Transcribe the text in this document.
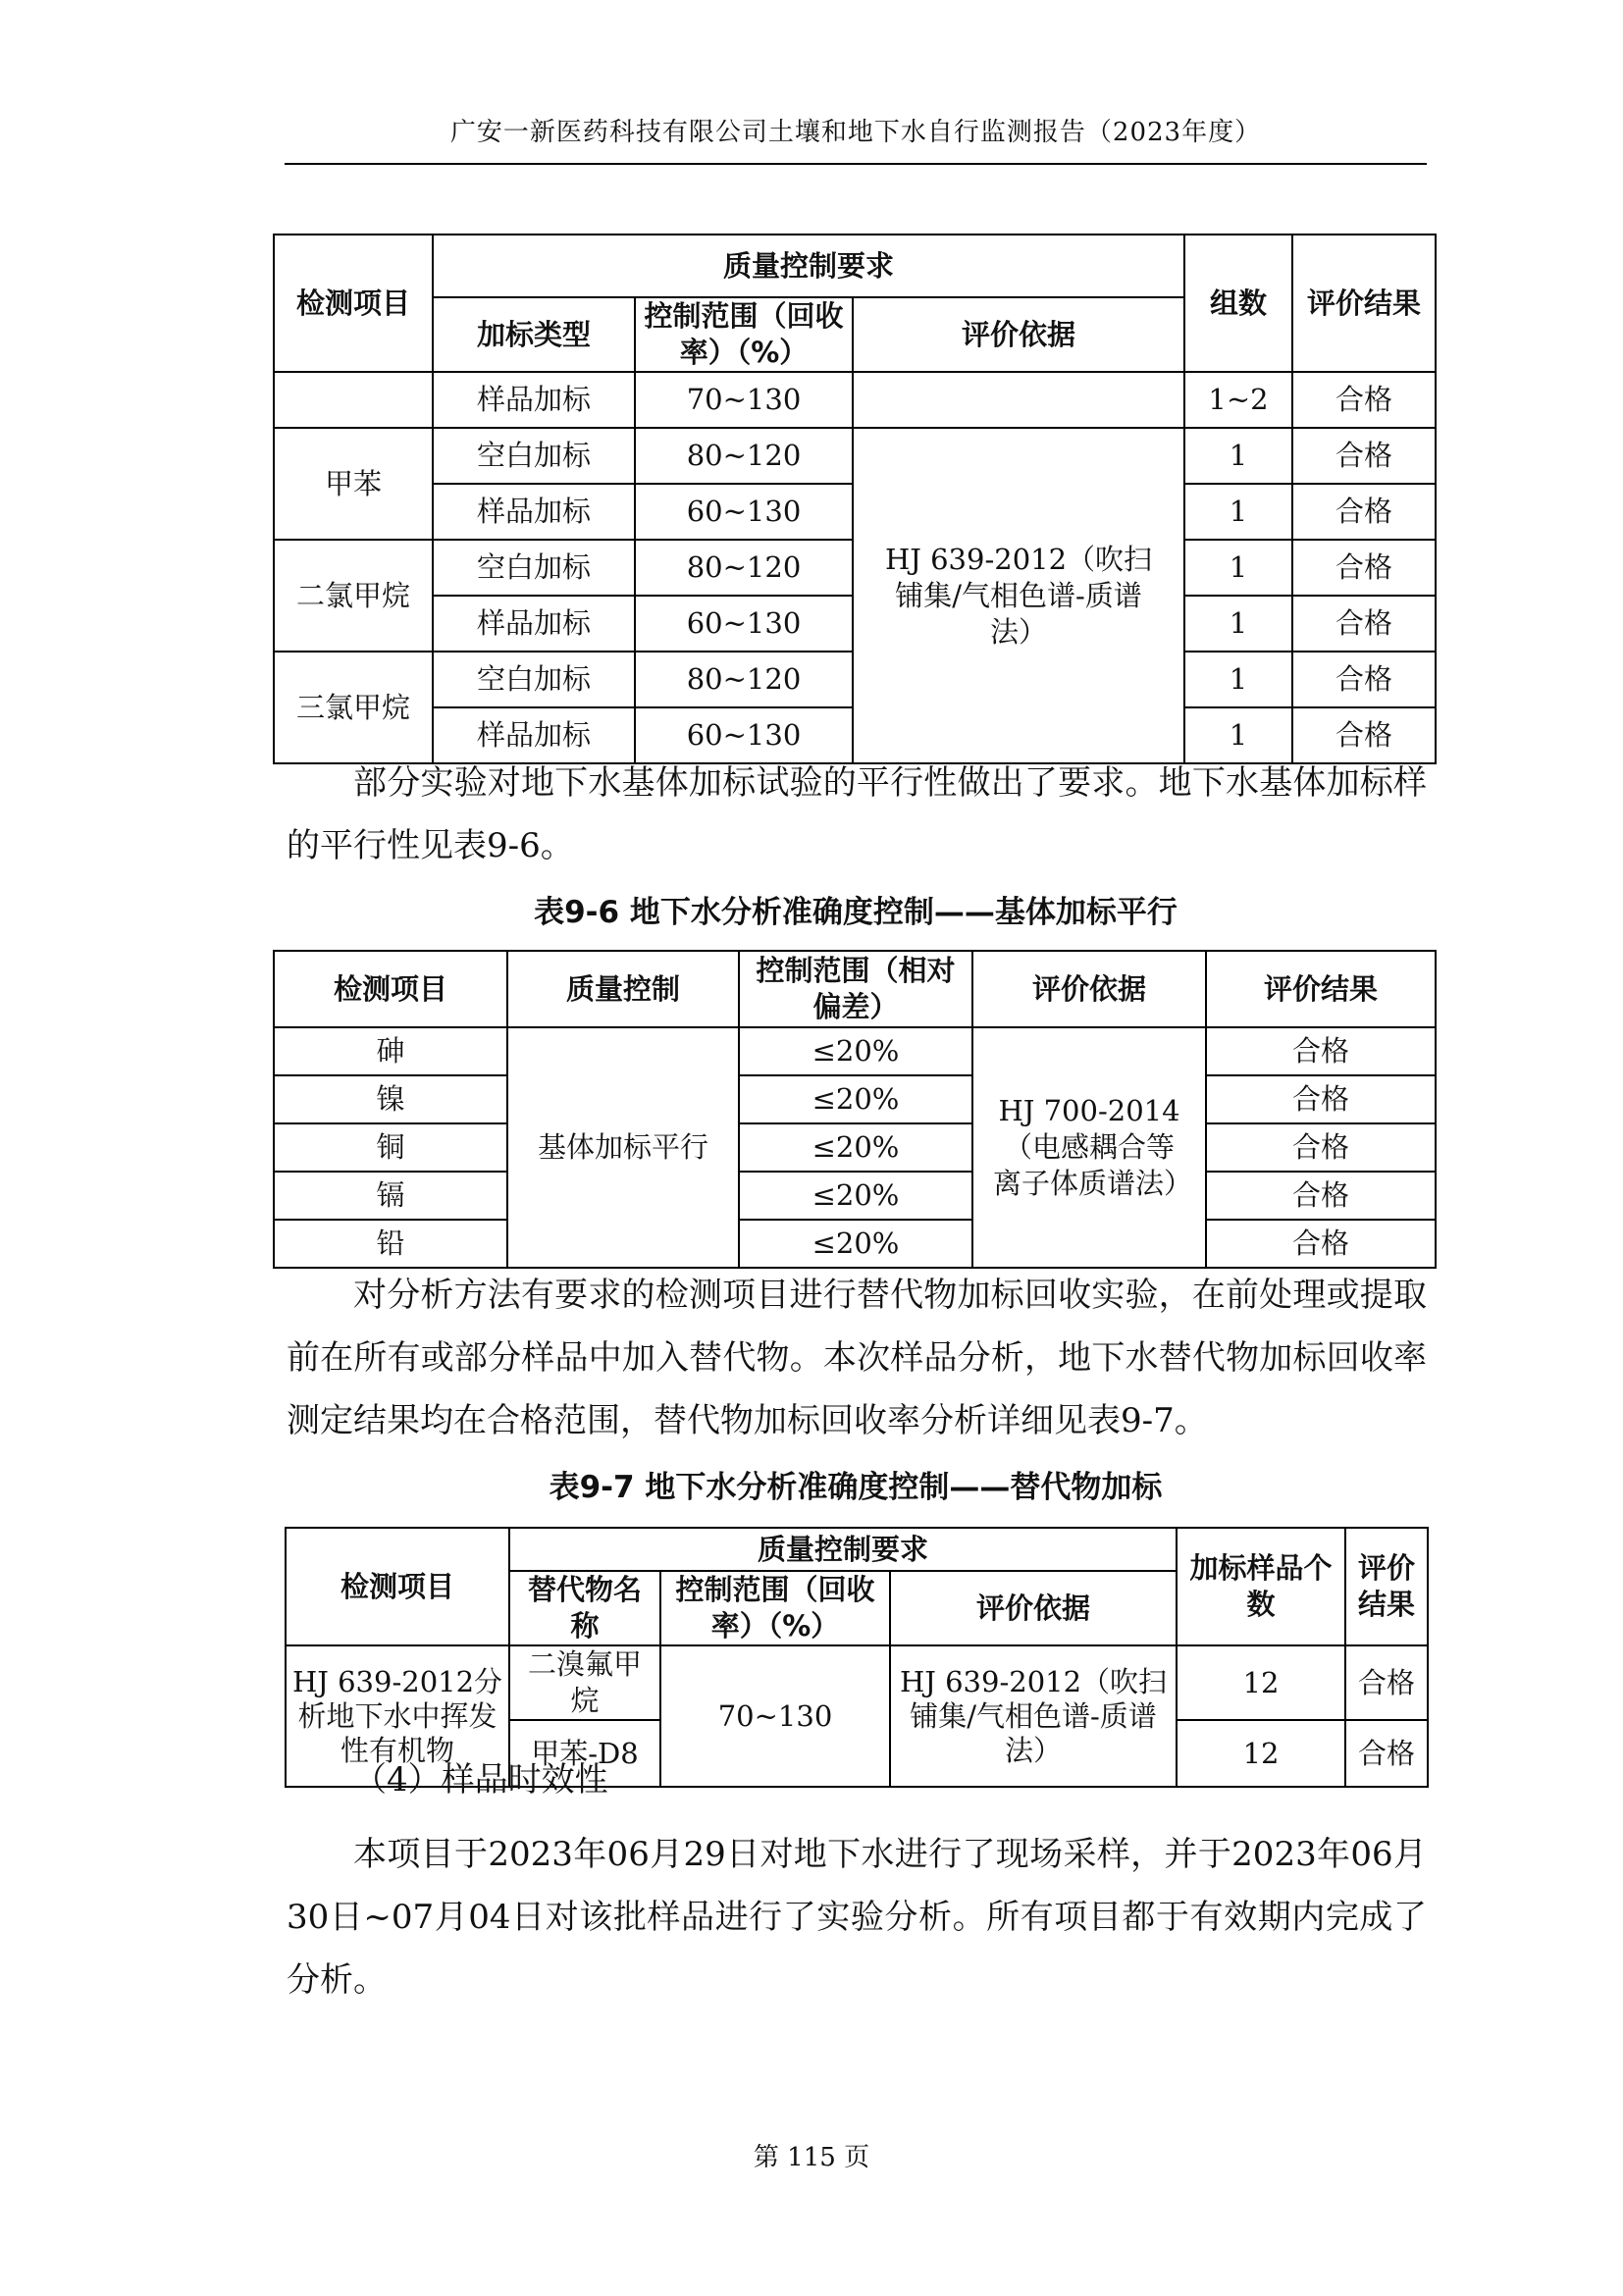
广安一新医药科技有限公司土壤和地下水自行监测报告（2023年度）
检测项目	质量控制要求			组数	评价结果
	加标类型	控制范围（回收率）（%）	评价依据		
	样品加标	70~130		1~2	合格
甲苯	空白加标	80~120	HJ 639-2012（吹扫铺集/气相色谱-质谱法）	1	合格
	样品加标	60~130		1	合格
二氯甲烷	空白加标	80~120		1	合格
	样品加标	60~130		1	合格
三氯甲烷	空白加标	80~120		1	合格
	样品加标	60~130		1	合格

部分实验对地下水基体加标试验的平行性做出了要求。地下水基体加标样的平行性见表9-6。

表9-6 地下水分析准确度控制——基体加标平行
检测项目	质量控制	控制范围（相对偏差）	评价依据	评价结果
砷	基体加标平行	≤20%	HJ 700-2014（电感耦合等离子体质谱法）	合格
镍		≤20%		合格
铜		≤20%		合格
镉		≤20%		合格
铅		≤20%		合格

对分析方法有要求的检测项目进行替代物加标回收实验，在前处理或提取前在所有或部分样品中加入替代物。本次样品分析，地下水替代物加标回收率测定结果均在合格范围，替代物加标回收率分析详细见表9-7。

表9-7 地下水分析准确度控制——替代物加标
检测项目	质量控制要求			加标样品个数	评价结果
	替代物名称	控制范围（回收率）（%）	评价依据		
HJ 639-2012分析地下水中挥发性有机物	二溴氟甲烷	70~130	HJ 639-2012（吹扫铺集/气相色谱-质谱法）	12	合格
	甲苯-D8			12	合格

（4）样品时效性

本项目于2023年06月29日对地下水进行了现场采样，并于2023年06月30日~07月04日对该批样品进行了实验分析。所有项目都于有效期内完成了分析。

第 115 页
